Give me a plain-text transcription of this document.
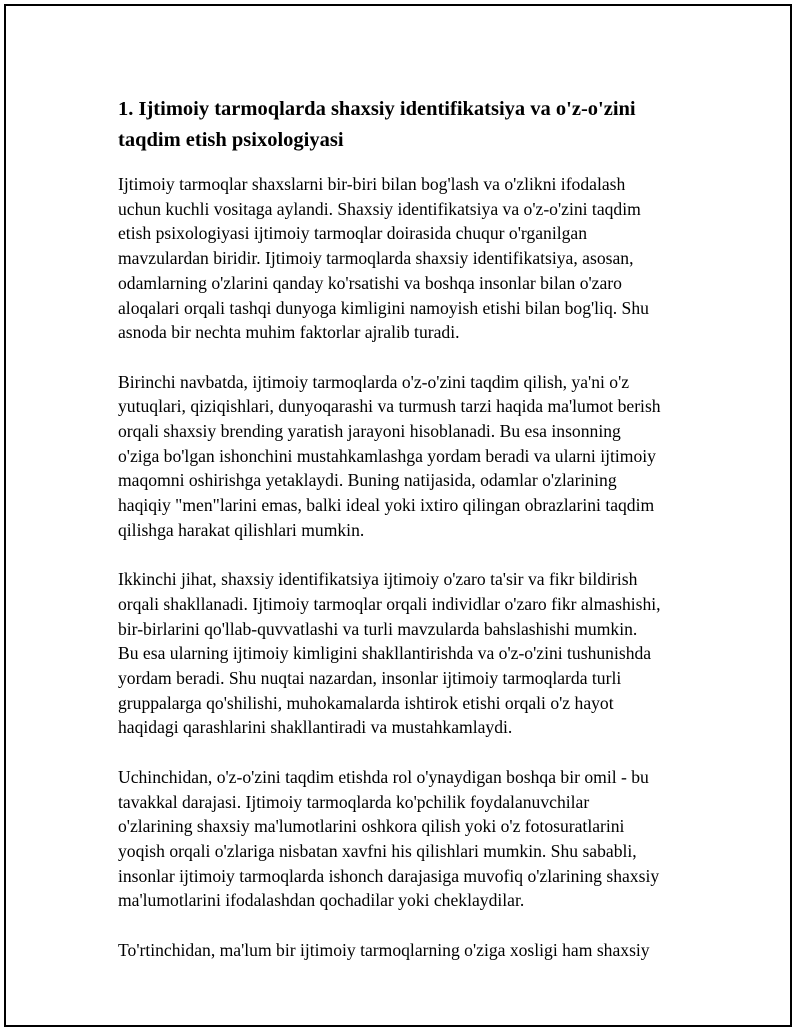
1. Ijtimoiy tarmoqlarda shaxsiy identifikatsiya va o'z-o'zini
taqdim etish psixologiyasi

Ijtimoiy tarmoqlar shaxslarni bir-biri bilan bog'lash va o'zlikni ifodalash
uchun kuchli vositaga aylandi. Shaxsiy identifikatsiya va o'z-o'zini taqdim
etish psixologiyasi ijtimoiy tarmoqlar doirasida chuqur o'rganilgan
mavzulardan biridir. Ijtimoiy tarmoqlarda shaxsiy identifikatsiya, asosan,
odamlarning o'zlarini qanday ko'rsatishi va boshqa insonlar bilan o'zaro
aloqalari orqali tashqi dunyoga kimligini namoyish etishi bilan bog'liq. Shu
asnoda bir nechta muhim faktorlar ajralib turadi.

Birinchi navbatda, ijtimoiy tarmoqlarda o'z-o'zini taqdim qilish, ya'ni o'z
yutuqlari, qiziqishlari, dunyoqarashi va turmush tarzi haqida ma'lumot berish
orqali shaxsiy brending yaratish jarayoni hisoblanadi. Bu esa insonning
o'ziga bo'lgan ishonchini mustahkamlashga yordam beradi va ularni ijtimoiy
maqomni oshirishga yetaklaydi. Buning natijasida, odamlar o'zlarining
haqiqiy "men"larini emas, balki ideal yoki ixtiro qilingan obrazlarini taqdim
qilishga harakat qilishlari mumkin.

Ikkinchi jihat, shaxsiy identifikatsiya ijtimoiy o'zaro ta'sir va fikr bildirish
orqali shakllanadi. Ijtimoiy tarmoqlar orqali individlar o'zaro fikr almashishi,
bir-birlarini qo'llab-quvvatlashi va turli mavzularda bahslashishi mumkin.
Bu esa ularning ijtimoiy kimligini shakllantirishda va o'z-o'zini tushunishda
yordam beradi. Shu nuqtai nazardan, insonlar ijtimoiy tarmoqlarda turli
gruppalarga qo'shilishi, muhokamalarda ishtirok etishi orqali o'z hayot
haqidagi qarashlarini shakllantiradi va mustahkamlaydi.

Uchinchidan, o'z-o'zini taqdim etishda rol o'ynaydigan boshqa bir omil - bu
tavakkal darajasi. Ijtimoiy tarmoqlarda ko'pchilik foydalanuvchilar
o'zlarining shaxsiy ma'lumotlarini oshkora qilish yoki o'z fotosuratlarini
yoqish orqali o'zlariga nisbatan xavfni his qilishlari mumkin. Shu sababli,
insonlar ijtimoiy tarmoqlarda ishonch darajasiga muvofiq o'zlarining shaxsiy
ma'lumotlarini ifodalashdan qochadilar yoki cheklaydilar.

To'rtinchidan, ma'lum bir ijtimoiy tarmoqlarning o'ziga xosligi ham shaxsiy
